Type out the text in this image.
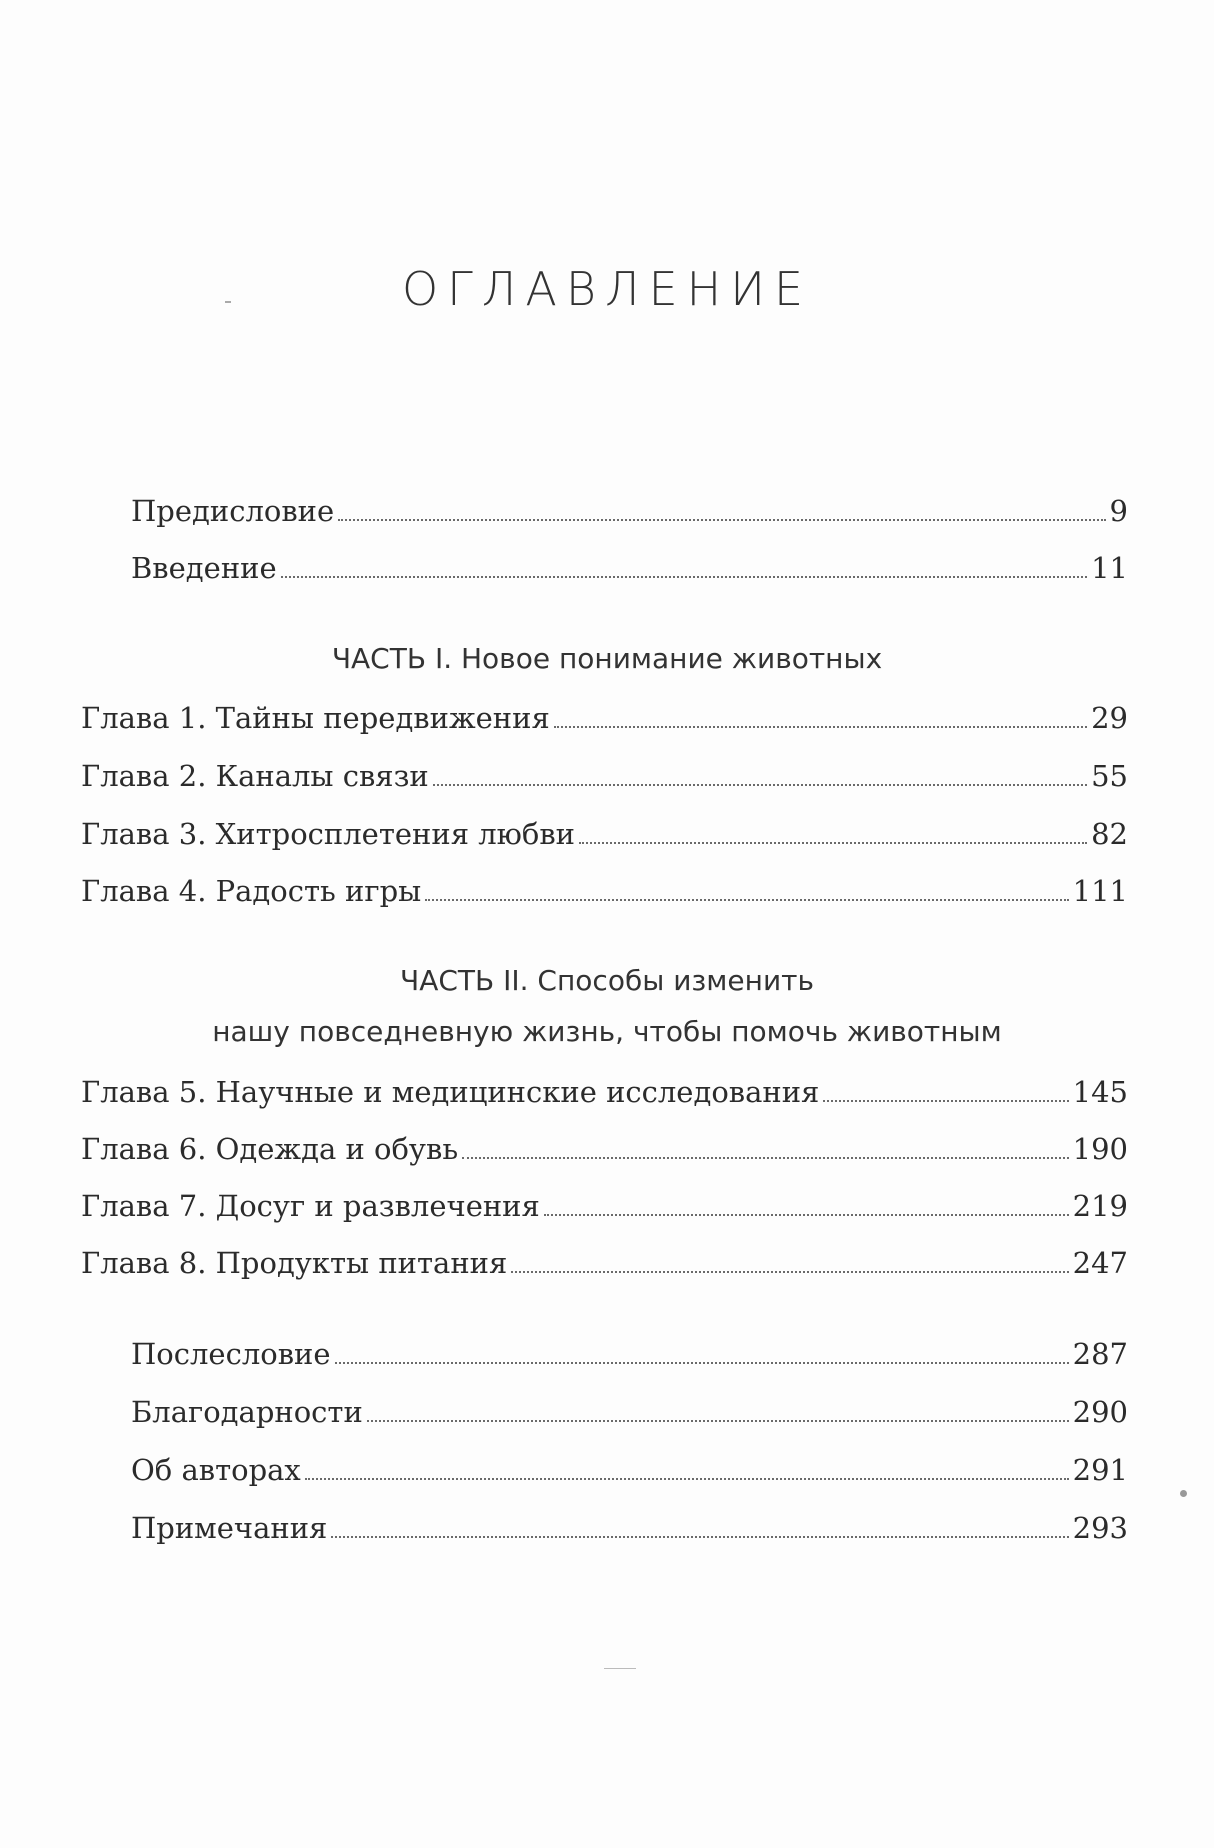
ОГЛАВЛЕНИЕ
Предисловие	9
Введение	11
ЧАСТЬ I. Новое понимание животных
Глава 1. Тайны передвижения	29
Глава 2. Каналы связи	55
Глава 3. Хитросплетения любви	82
Глава 4. Радость игры	111
ЧАСТЬ II. Способы изменить
нашу повседневную жизнь, чтобы помочь животным
Глава 5. Научные и медицинские исследования	145
Глава 6. Одежда и обувь	190
Глава 7. Досуг и развлечения	219
Глава 8. Продукты питания	247
Послесловие	287
Благодарности	290
Об авторах	291
Примечания	293
